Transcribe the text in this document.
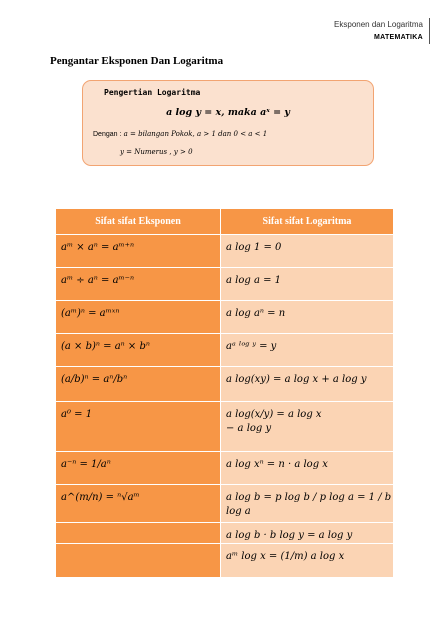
Eksponen dan Logaritma
MATEMATIKA
Pengantar Eksponen Dan Logaritma
Pengertian Logaritma
a log y = x, maka aˣ = y
Dengan : a = bilangan Pokok, a > 1 dan 0 < a < 1
y = Numerus , y > 0
Sifat sifat Eksponen	Sifat sifat Logaritma

aᵐ × aⁿ = aᵐ⁺ⁿ	a log 1 = 0

aᵐ ÷ aⁿ = aᵐ⁻ⁿ	a log a = 1

(aᵐ)ⁿ = aᵐˣⁿ	a log aⁿ = n

(a × b)ⁿ = aⁿ × bⁿ	aᵃ ˡᵒᵍ ʸ = y

(a/b)ⁿ = aⁿ/bⁿ	a log(xy) = a log x + a log y

a⁰ = 1	a log(x/y) = a log x
− a log y

a⁻ⁿ = 1/aⁿ	a log xⁿ = n · a log x

a^(m/n) = ⁿ√aᵐ	a log b = p log b / p log a = 1 / b log a

	a log b · b log y = a log y

	aᵐ log x = (1/m) a log x
